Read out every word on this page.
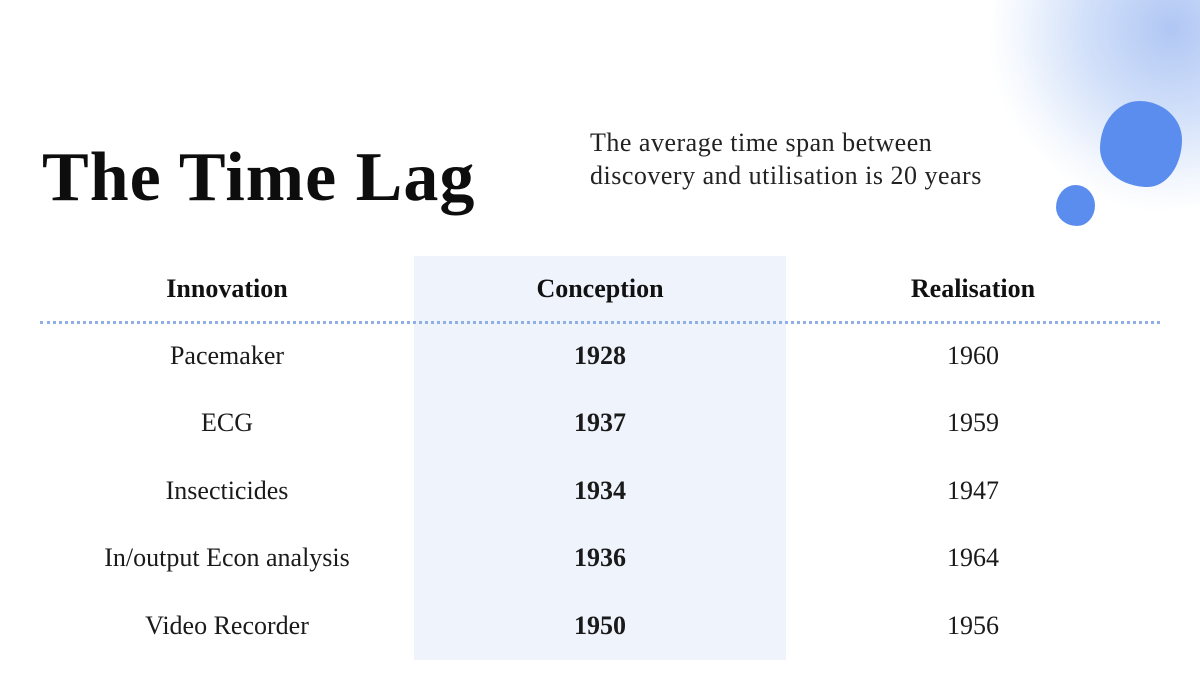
The Time Lag	The average time span between discovery and utilisation is 20 years

Innovation	Conception	Realisation
Pacemaker	1928	1960
ECG	1937	1959
Insecticides	1934	1947
In/output Econ analysis	1936	1964
Video Recorder	1950	1956
